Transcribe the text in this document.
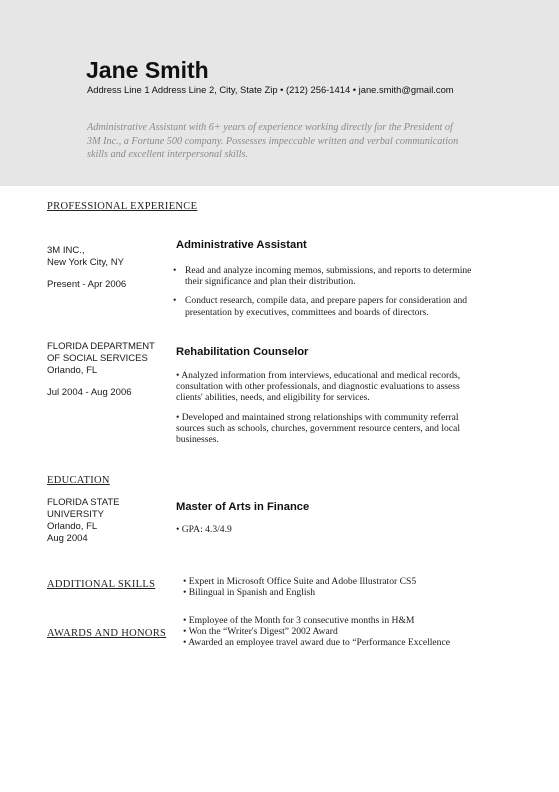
Jane Smith
Address Line 1 Address Line 2, City, State Zip • (212) 256-1414 • jane.smith@gmail.com
Administrative Assistant with 6+ years of experience working directly for the President of 3M Inc., a Fortune 500 company. Possesses impeccable written and verbal communication skills and excellent interpersonal skills.
PROFESSIONAL EXPERIENCE
3M INC.,
New York City, NY
Present - Apr 2006
Administrative Assistant
• Read and analyze incoming memos, submissions, and reports to determine their significance and plan their distribution.
• Conduct research, compile data, and prepare papers for consideration and presentation by executives, committees and boards of directors.
FLORIDA DEPARTMENT
OF SOCIAL SERVICES
Orlando, FL
Jul 2004 - Aug 2006
Rehabilitation Counselor
• Analyzed information from interviews, educational and medical records, consultation with other professionals, and diagnostic evaluations to assess clients' abilities, needs, and eligibility for services.
• Developed and maintained strong relationships with community referral sources such as schools, churches, government resource centers, and local businesses.
EDUCATION
FLORIDA STATE
UNIVERSITY
Orlando, FL
Aug 2004
Master of Arts in Finance
• GPA: 4.3/4.9
ADDITIONAL SKILLS	• Expert in Microsoft Office Suite and Adobe Illustrator CS5
• Bilingual in Spanish and English
AWARDS AND HONORS
• Employee of the Month for 3 consecutive months in H&M
• Won the “Writer's Digest” 2002 Award
• Awarded an employee travel award due to “Performance Excellence
